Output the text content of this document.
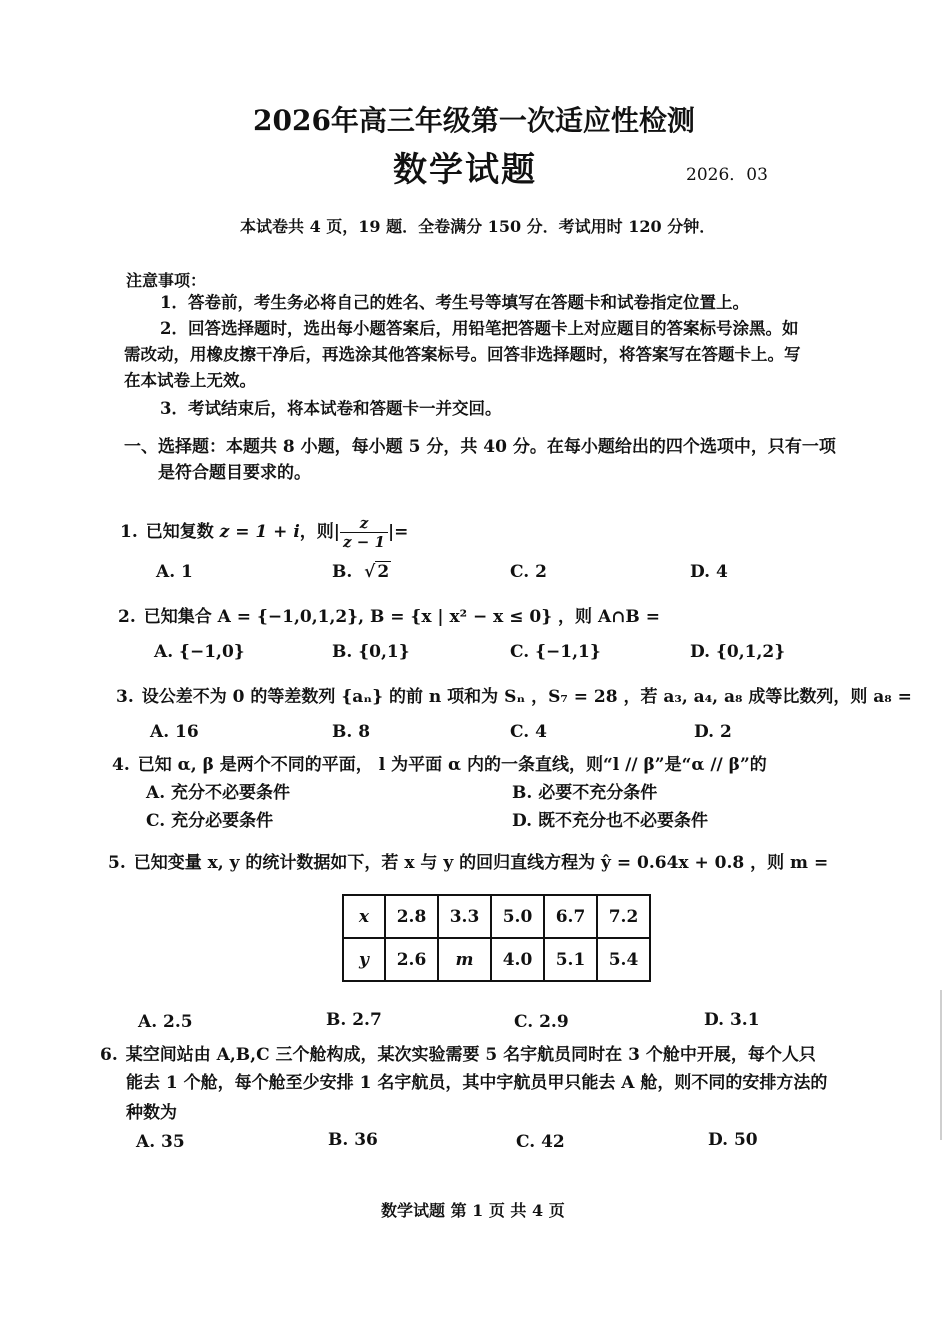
2026年高三年级第一次适应性检测
数学试题	2026．03
本试卷共 4 页，19 题．全卷满分 150 分．考试用时 120 分钟．
注意事项：
1．答卷前，考生务必将自己的姓名、考生号等填写在答题卡和试卷指定位置上。
2．回答选择题时，选出每小题答案后，用铅笔把答题卡上对应题目的答案标号涂黑。如
需改动，用橡皮擦干净后，再选涂其他答案标号。回答非选择题时，将答案写在答题卡上。写
在本试卷上无效。
3．考试结束后，将本试卷和答题卡一并交回。
一、选择题：本题共 8 小题，每小题 5 分，共 40 分。在每小题给出的四个选项中，只有一项
是符合题目要求的。
1. 已知复数 z = 1 + i，则| $\frac{z}{z - 1}$ |=
A. 1	B. √ 2	C. 2	D. 4
2. 已知集合 A = {−1,0,1,2}, B = {x | x² − x ≤ 0} ，则 A∩B =
A. {−1,0}	B. {0,1}	C. {−1,1}	D. {0,1,2}
3. 设公差不为 0 的等差数列 {aₙ} 的前 n 项和为 Sₙ ，S₇ = 28 ，若 a₃, a₄, a₈ 成等比数列，则 a₈ =
A. 16	B. 8	C. 4	D. 2
4. 已知 α, β 是两个不同的平面， l 为平面 α 内的一条直线，则“l // β”是“α // β”的
A. 充分不必要条件	B. 必要不充分条件
C. 充分必要条件	D. 既不充分也不必要条件
5. 已知变量 x, y 的统计数据如下，若 x 与 y 的回归直线方程为 ŷ = 0.64x + 0.8 ，则 m =
x	2.8	3.3	5.0	6.7	7.2
y	2.6	m	4.0	5.1	5.4
A. 2.5	B. 2.7	C. 2.9	D. 3.1
6. 某空间站由 A,B,C 三个舱构成，某次实验需要 5 名宇航员同时在 3 个舱中开展，每个人只
能去 1 个舱，每个舱至少安排 1 名宇航员，其中宇航员甲只能去 A 舱，则不同的安排方法的
种数为
A. 35	B. 36	C. 42	D. 50
数学试题 第 1 页 共 4 页
